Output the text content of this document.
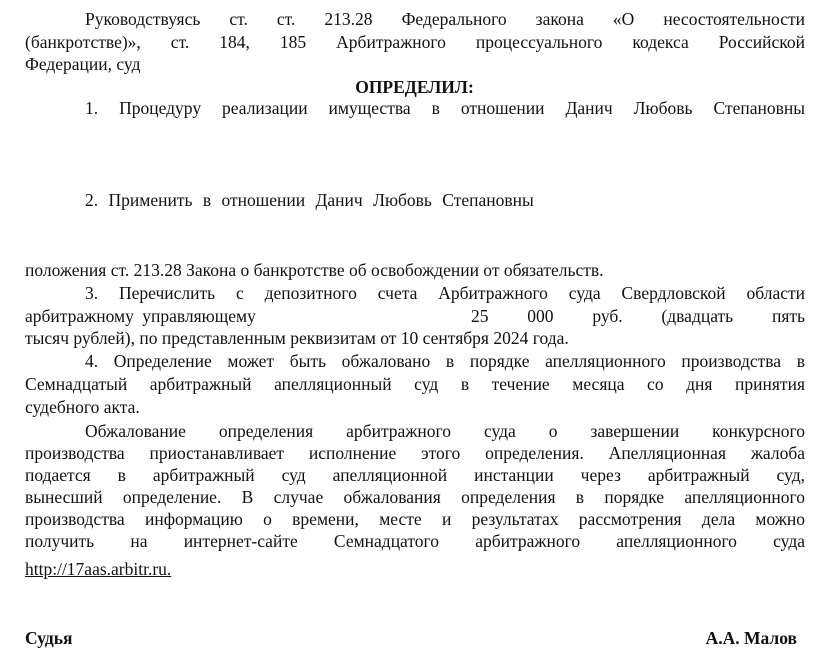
Руководствуясь ст. ст. 213.28 Федерального закона «О несостоятельности
(банкротстве)», ст. 184, 185 Арбитражного процессуального кодекса Российской
Федерации, суд
ОПРЕДЕЛИЛ:
1. Процедуру реализации имущества в отношении Данич Любовь Степановны
2. Применить в отношении Данич Любовь Степановны
положения ст. 213.28 Закона о банкротстве об освобождении от обязательств.
3. Перечислить с депозитного счета Арбитражного суда Свердловской области
арбитражному управляющему	25 000 руб. (двадцать пять
тысяч рублей), по представленным реквизитам от 10 сентября 2024 года.
4. Определение может быть обжаловано в порядке апелляционного производства в
Семнадцатый арбитражный апелляционный суд в течение месяца со дня принятия
судебного акта.
Обжалование определения арбитражного суда о завершении конкурсного
производства приостанавливает исполнение этого определения. Апелляционная жалоба
подается в арбитражный суд апелляционной инстанции через арбитражный суд,
вынесший определение. В случае обжалования определения в порядке апелляционного
производства информацию о времени, месте и результатах рассмотрения дела можно
получить на интернет-сайте Семнадцатого арбитражного апелляционного суда
http://17aas.arbitr.ru.
Судья	А.А. Малов
